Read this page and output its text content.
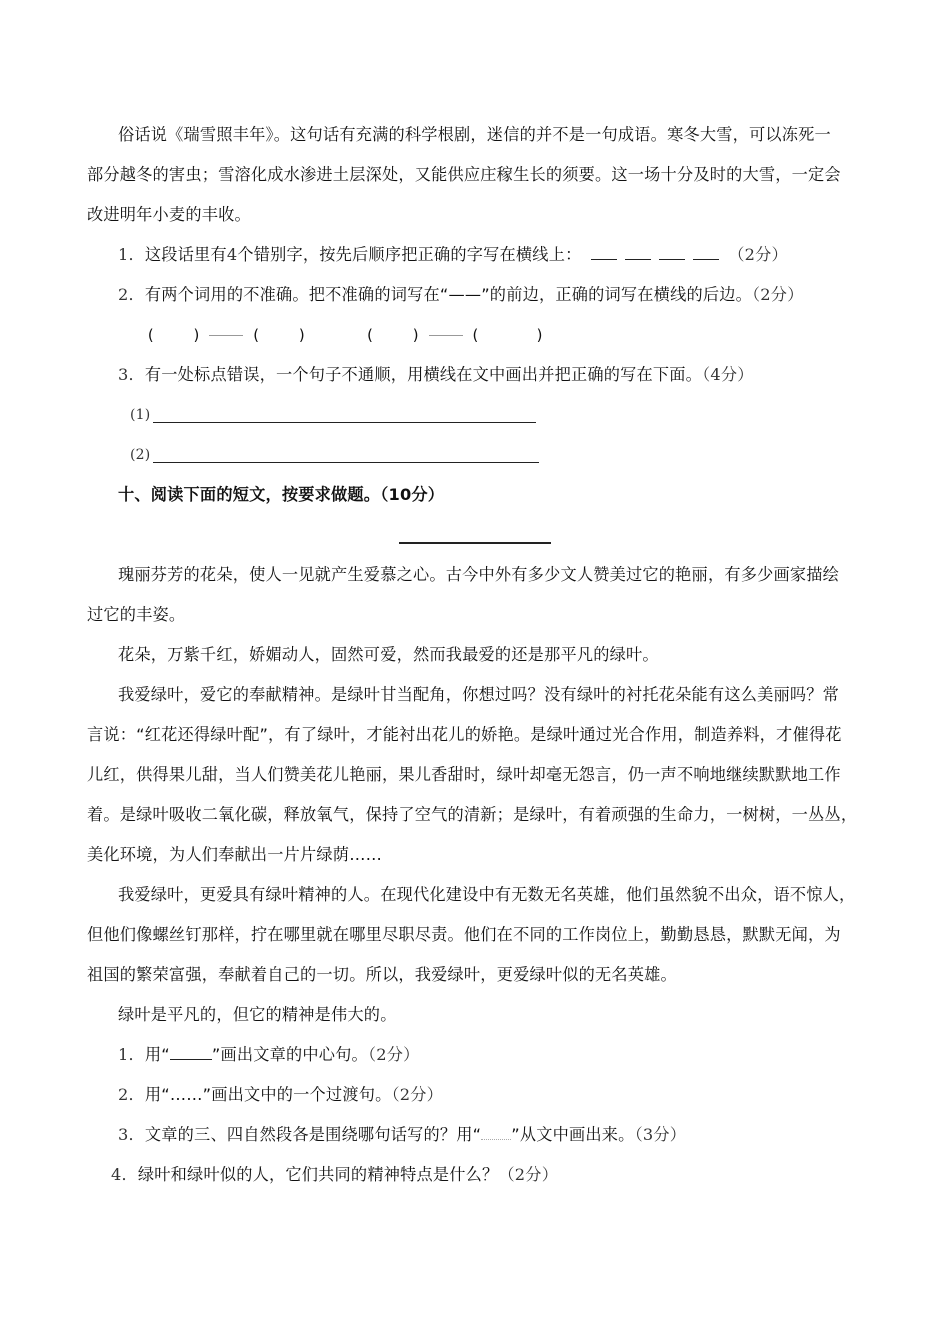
俗话说《瑞雪照丰年》。这句话有充满的科学根剧，迷信的并不是一句成语。寒冬大雪，可以冻死一
部分越冬的害虫；雪溶化成水渗进土层深处，又能供应庄稼生长的须要。这一场十分及时的大雪，一定会
改进明年小麦的丰收。
1．这段话里有4个错别字，按先后顺序把正确的字写在横线上：	（2分）
2．有两个词用的不准确。把不准确的词写在“——”的前边，正确的词写在横线的后边。（2分）
(    )	(    )	(    )	(      )
3．有一处标点错误，一个句子不通顺，用横线在文中画出并把正确的写在下面。（4分）
(1)
(2)
十、阅读下面的短文，按要求做题。（10分）
瑰丽芬芳的花朵，使人一见就产生爱慕之心。古今中外有多少文人赞美过它的艳丽，有多少画家描绘
过它的丰姿。
花朵，万紫千红，娇媚动人，固然可爱，然而我最爱的还是那平凡的绿叶。
我爱绿叶，爱它的奉献精神。是绿叶甘当配角，你想过吗？没有绿叶的衬托花朵能有这么美丽吗？常
言说：“红花还得绿叶配”，有了绿叶，才能衬出花儿的娇艳。是绿叶通过光合作用，制造养料，才催得花
儿红，供得果儿甜，当人们赞美花儿艳丽，果儿香甜时，绿叶却毫无怨言，仍一声不响地继续默默地工作
着。是绿叶吸收二氧化碳，释放氧气，保持了空气的清新；是绿叶，有着顽强的生命力，一树树，一丛丛，
美化环境，为人们奉献出一片片绿荫……
我爱绿叶，更爱具有绿叶精神的人。在现代化建设中有无数无名英雄，他们虽然貌不出众，语不惊人，
但他们像螺丝钉那样，拧在哪里就在哪里尽职尽责。他们在不同的工作岗位上，勤勤恳恳，默默无闻，为
祖国的繁荣富强，奉献着自己的一切。所以，我爱绿叶，更爱绿叶似的无名英雄。
绿叶是平凡的，但它的精神是伟大的。
1．用“	”画出文章的中心句。（2分）
2．用“……”画出文中的一个过渡句。（2分）
3．文章的三、四自然段各是围绕哪句话写的？用“ ”从文中画出来。（3分）
4．绿叶和绿叶似的人，它们共同的精神特点是什么？（2分）
